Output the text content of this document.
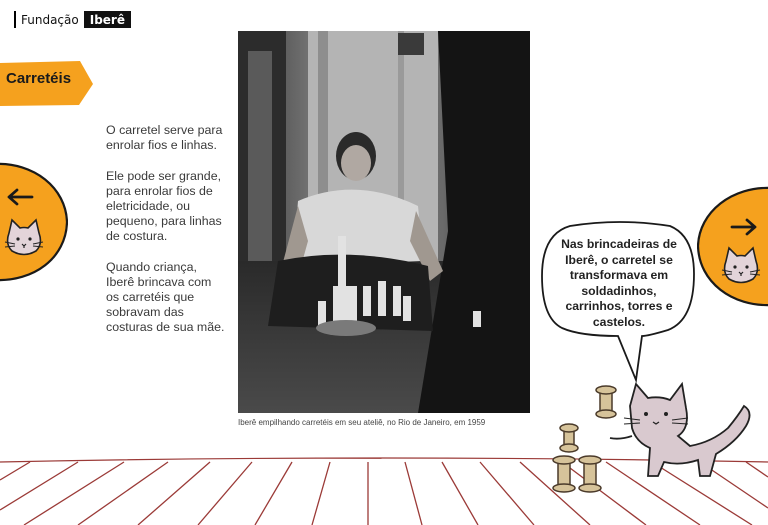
Fundação Iberê
Carretéis

O carretel serve para enrolar fios e linhas.

Ele pode ser grande, para enrolar fios de eletricidade, ou pequeno, para linhas de costura.

Quando criança, Iberê brincava com os carretéis que sobravam das costuras de sua mãe.

Iberê empilhando carretéis em seu ateliê, no Rio de Janeiro, em 1959
Nas brincadeiras de Iberê, o carretel se transformava em soldadinhos, carrinhos, torres e castelos.
